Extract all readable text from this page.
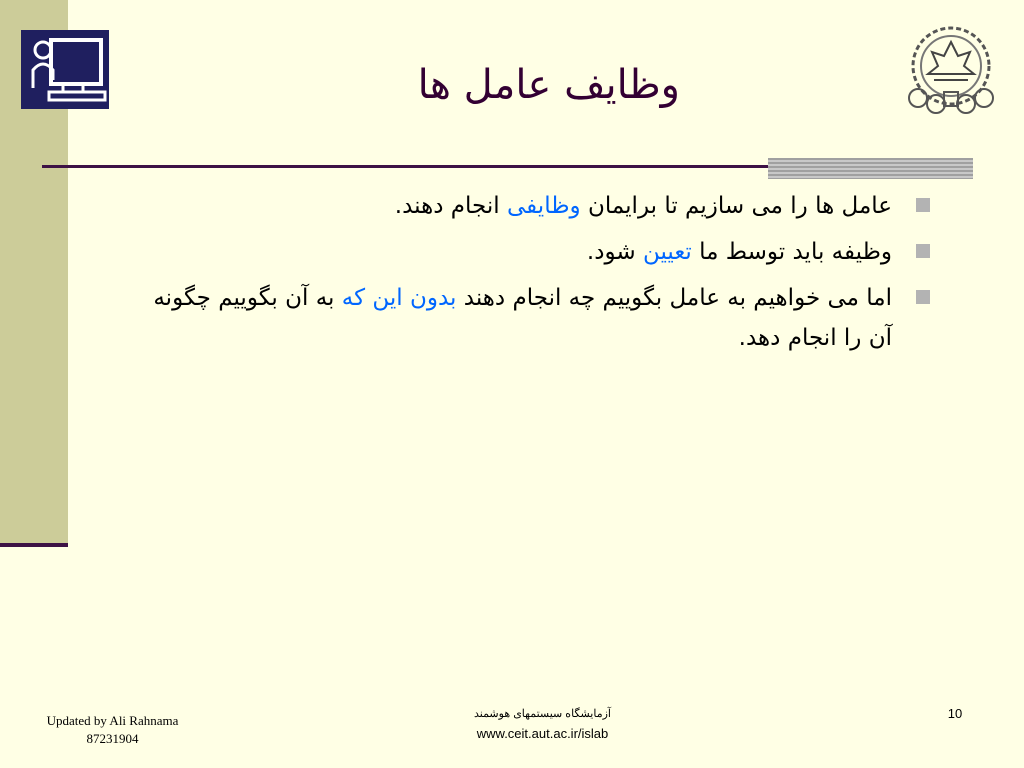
وظایف عامل ها
عامل ها را می سازیم تا برایمان وظایفی انجام دهند.
وظیفه باید توسط ما تعیین شود.
اما می خواهیم به عامل بگوییم چه انجام دهند بدون این که به آن بگوییم چگونه آن را انجام دهد.
Updated by Ali Rahnama
87231904
آزمایشگاه سیستمهای هوشمند
www.ceit.aut.ac.ir/islab
10
